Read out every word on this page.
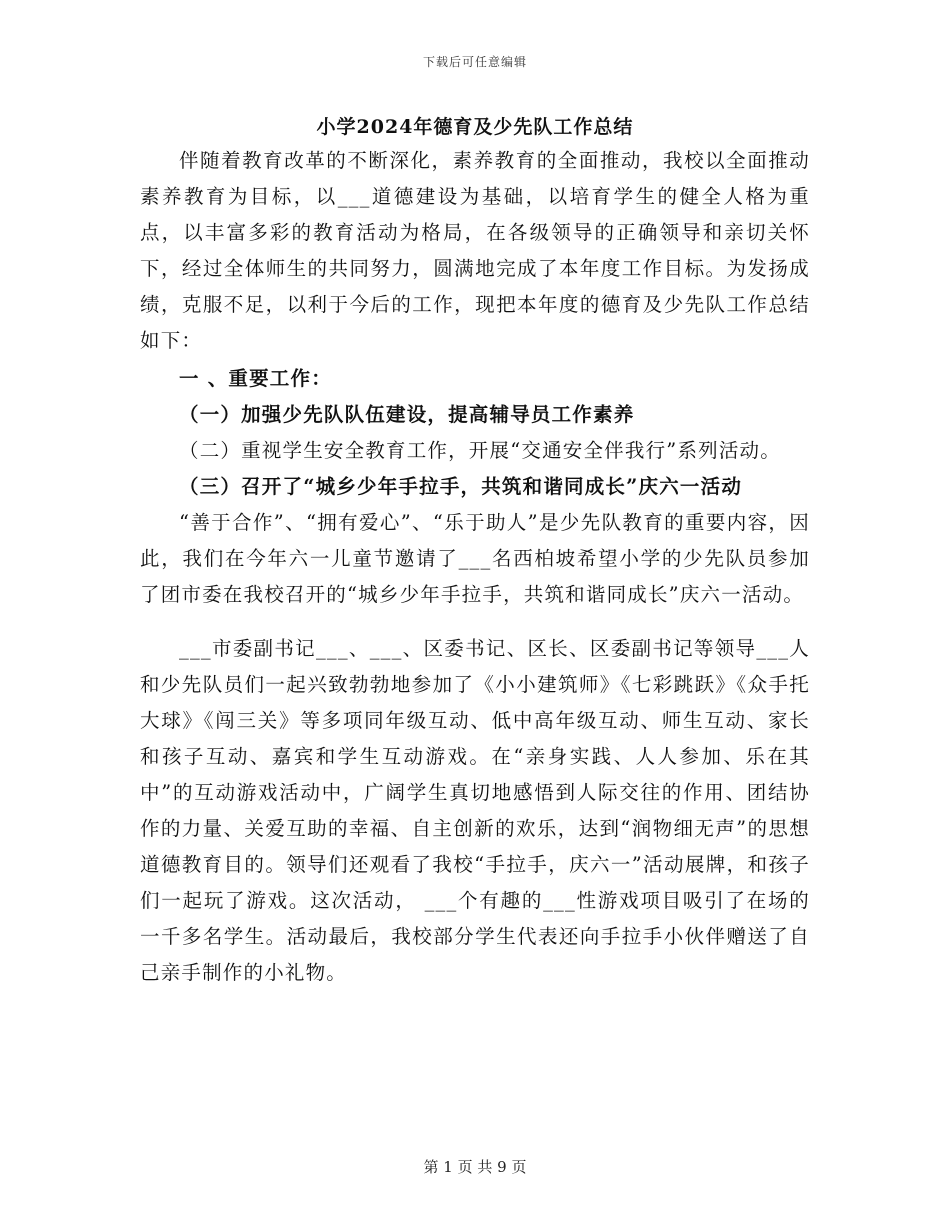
下载后可任意编辑
小学2024年德育及少先队工作总结

伴随着教育改革的不断深化，素养教育的全面推动，我校以全面推动素养教育为目标，以___道德建设为基础，以培育学生的健全人格为重点，以丰富多彩的教育活动为格局，在各级领导的正确领导和亲切关怀下，经过全体师生的共同努力，圆满地完成了本年度工作目标。为发扬成绩，克服不足，以利于今后的工作，现把本年度的德育及少先队工作总结如下：

一 、重要工作：
（一）加强少先队队伍建设，提高辅导员工作素养

（二）重视学生安全教育工作，开展“交通安全伴我行”系列活动。

（三）召开了“城乡少年手拉手，共筑和谐同成长”庆六一活动

“善于合作”、“拥有爱心”、“乐于助人”是少先队教育的重要内容，因此，我们在今年六一儿童节邀请了___名西柏坡希望小学的少先队员参加了团市委在我校召开的“城乡少年手拉手，共筑和谐同成长”庆六一活动。

___市委副书记___、___、区委书记、区长、区委副书记等领导___人和少先队员们一起兴致勃勃地参加了《小小建筑师》《七彩跳跃》《众手托大球》《闯三关》等多项同年级互动、低中高年级互动、师生互动、家长和孩子互动、嘉宾和学生互动游戏。在“亲身实践、人人参加、乐在其中”的互动游戏活动中，广阔学生真切地感悟到人际交往的作用、团结协作的力量、关爱互助的幸福、自主创新的欢乐，达到“润物细无声”的思想道德教育目的。领导们还观看了我校“手拉手，庆六一”活动展牌，和孩子们一起玩了游戏。这次活动， ___个有趣的___性游戏项目吸引了在场的一千多名学生。活动最后，我校部分学生代表还向手拉手小伙伴赠送了自己亲手制作的小礼物。

第 1 页 共 9 页
